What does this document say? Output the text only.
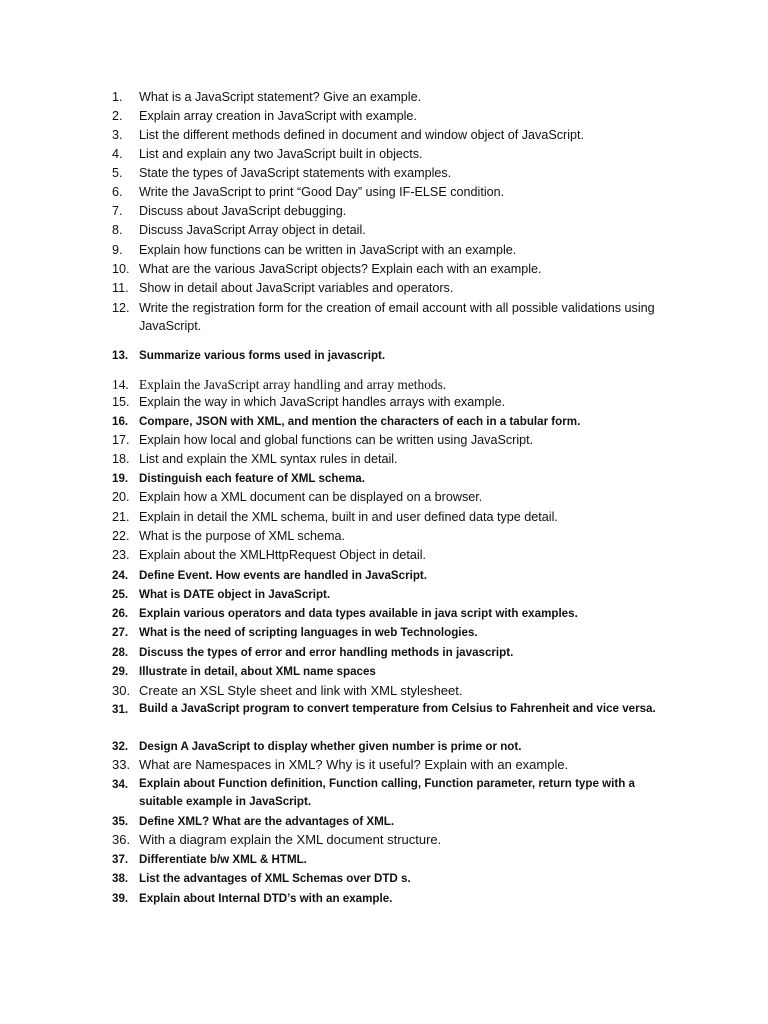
1.	What is a JavaScript statement? Give an example.
2.	Explain array creation in JavaScript with example.
3.	List the different methods defined in document and window object of JavaScript.
4.	List and explain any two JavaScript built in objects.
5.	State the types of JavaScript statements with examples.
6.	Write the JavaScript to print “Good Day” using IF-ELSE condition.
7.	Discuss about JavaScript debugging.
8.	Discuss JavaScript Array object in detail.
9.	Explain how functions can be written in JavaScript with an example.
10. What are the various JavaScript objects? Explain each with an example.
11. Show in detail about JavaScript variables and operators.
12. Write the registration form for the creation of email account with all possible validations using JavaScript.
13. Summarize various forms used in javascript.
14. Explain the JavaScript array handling and array methods.
15. Explain the way in which JavaScript handles arrays with example.
16. Compare, JSON with XML, and mention the characters of each in a tabular form.
17. Explain how local and global functions can be written using JavaScript.
18. List and explain the XML syntax rules in detail.
19. Distinguish each feature of XML schema.
20. Explain how a XML document can be displayed on a browser.
21. Explain in detail the XML schema, built in and user defined data type detail.
22. What is the purpose of XML schema.
23. Explain about the XMLHttpRequest Object in detail.
24. Define Event. How events are handled in JavaScript.
25. What is DATE object in JavaScript.
26. Explain various operators and data types available in java script with examples.
27. What is the need of scripting languages in web Technologies.
28. Discuss the types of error and error handling methods in javascript.
29. Illustrate in detail, about XML name spaces
30. Create an XSL Style sheet and link with XML stylesheet.
31. Build a JavaScript program to convert temperature from Celsius to Fahrenheit and vice versa.
32. Design A JavaScript to display whether given number is prime or not.
33. What are Namespaces in XML? Why is it useful? Explain with an example.
34. Explain about Function definition, Function calling, Function parameter, return type with a suitable example in JavaScript.
35. Define XML? What are the advantages of XML.
36. With a diagram explain the XML document structure.
37. Differentiate b/w XML & HTML.
38. List the advantages of XML Schemas over DTD s.
39. Explain about Internal DTD’s with an example.
